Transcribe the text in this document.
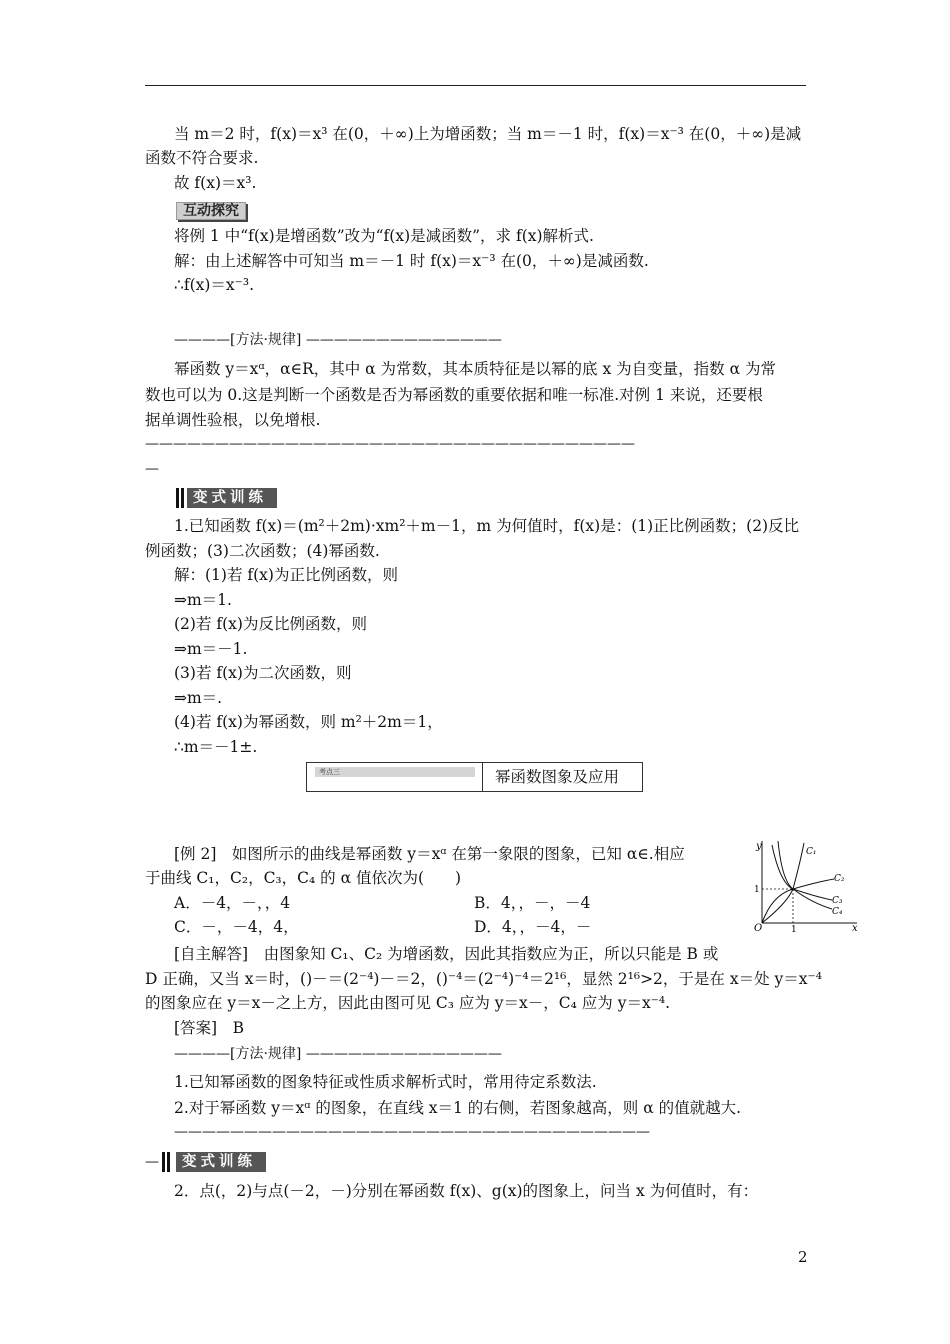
当 m＝2 时，f(x)＝x³ 在(0，＋∞)上为增函数；当 m＝－1 时，f(x)＝x⁻³ 在(0，＋∞)是减
函数不符合要求.
故 f(x)＝x³.
互动探究
将例 1 中“f(x)是增函数”改为“f(x)是减函数”，求 f(x)解析式.
解：由上述解答中可知当 m＝－1 时 f(x)＝x⁻³ 在(0，＋∞)是减函数.
∴f(x)＝x⁻³.
————[方法·规律] ——————————————
幂函数 y＝xᵅ，α∈R，其中 α 为常数，其本质特征是以幂的底 x 为自变量，指数 α 为常
数也可以为 0.这是判断一个函数是否为幂函数的重要依据和唯一标准.对例 1 来说，还要根
据单调性验根，以免增根.
———————————————————————————————————
—
变式训练
1.已知函数 f(x)＝(m²＋2m)·xm²＋m－1，m 为何值时，f(x)是：(1)正比例函数；(2)反比
例函数；(3)二次函数；(4)幂函数.
解：(1)若 f(x)为正比例函数，则
⇒m＝1.
(2)若 f(x)为反比例函数，则
⇒m＝－1.
(3)若 f(x)为二次函数，则
⇒m＝.
(4)若 f(x)为幂函数，则 m²＋2m＝1，
∴m＝－1±.
考点三	幂函数图象及应用
[例 2]　如图所示的曲线是幂函数 y＝xᵅ 在第一象限的图象，已知 α∈.相应
于曲线 C₁，C₂，C₃，C₄ 的 α 值依次为(　　)
A．－4，－，，4	B．4，，－，－4
C．－，－4，4，	D．4，，－4，－
y
x
O	1
1
C₁
C₂
C₃
C₄
[自主解答]　由图象知 C₁、C₂ 为增函数，因此其指数应为正，所以只能是 B 或
D 正确，又当 x＝时，()－＝(2⁻⁴)－＝2，()⁻⁴＝(2⁻⁴)⁻⁴＝2¹⁶，显然 2¹⁶>2，于是在 x＝处 y＝x⁻⁴
的图象应在 y＝x－之上方，因此由图可见 C₃ 应为 y＝x－，C₄ 应为 y＝x⁻⁴.
[答案]　B
————[方法·规律] ——————————————
1.已知幂函数的图象特征或性质求解析式时，常用待定系数法.
2.对于幂函数 y＝xᵅ 的图象，在直线 x＝1 的右侧，若图象越高，则 α 的值就越大.
——————————————————————————————————
—	变式训练
2．点(，2)与点(－2，－)分别在幂函数 f(x)、g(x)的图象上，问当 x 为何值时，有：
2
